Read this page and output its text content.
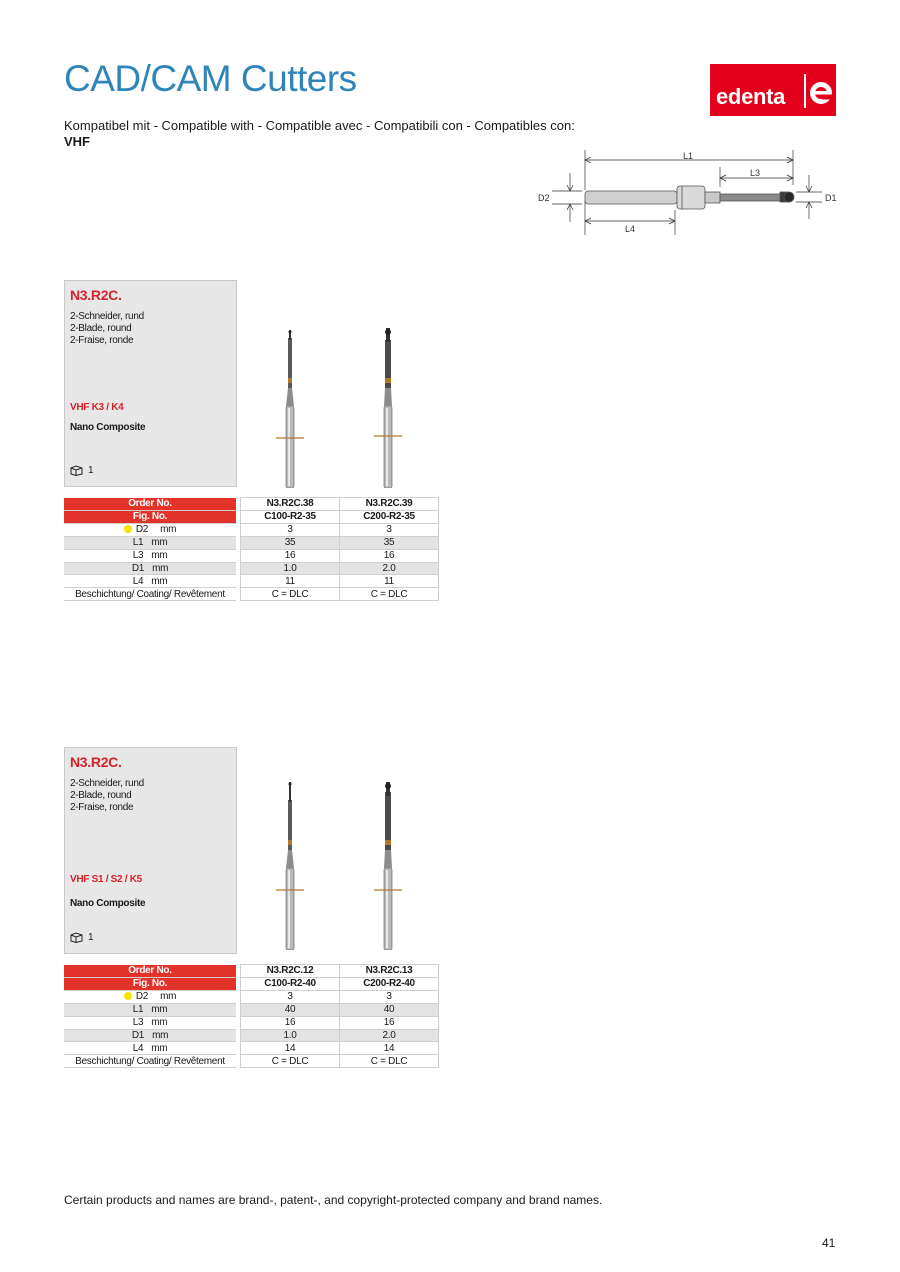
CAD/CAM Cutters	edenta
Kompatibel mit - Compatible with - Compatible avec - Compatibili con - Compatibles con:
VHF
L1
L3
L4
D2	D1
N3.R2C.
2-Schneider, rund
2-Blade, round
2-Fraise, ronde
VHF K3 / K4
Nano Composite
1
Order No.		N3.R2C.38	N3.R2C.39
Fig. No.		C100-R2-35	C200-R2-35

D2 mm		3	3
L1 mm		35	35
L3 mm		16	16
D1 mm		1.0	2.0
L4 mm		11	11
Beschichtung/ Coating/ Revêtement		C = DLC	C = DLC
N3.R2C.
2-Schneider, rund
2-Blade, round
2-Fraise, ronde
VHF S1 / S2 / K5
Nano Composite
1
Order No.		N3.R2C.12	N3.R2C.13
Fig. No.		C100-R2-40	C200-R2-40

D2 mm		3	3
L1 mm		40	40
L3 mm		16	16
D1 mm		1.0	2.0
L4 mm		14	14
Beschichtung/ Coating/ Revêtement		C = DLC	C = DLC
Certain products and names are brand-, patent-, and copyright-protected company and brand names.
41
